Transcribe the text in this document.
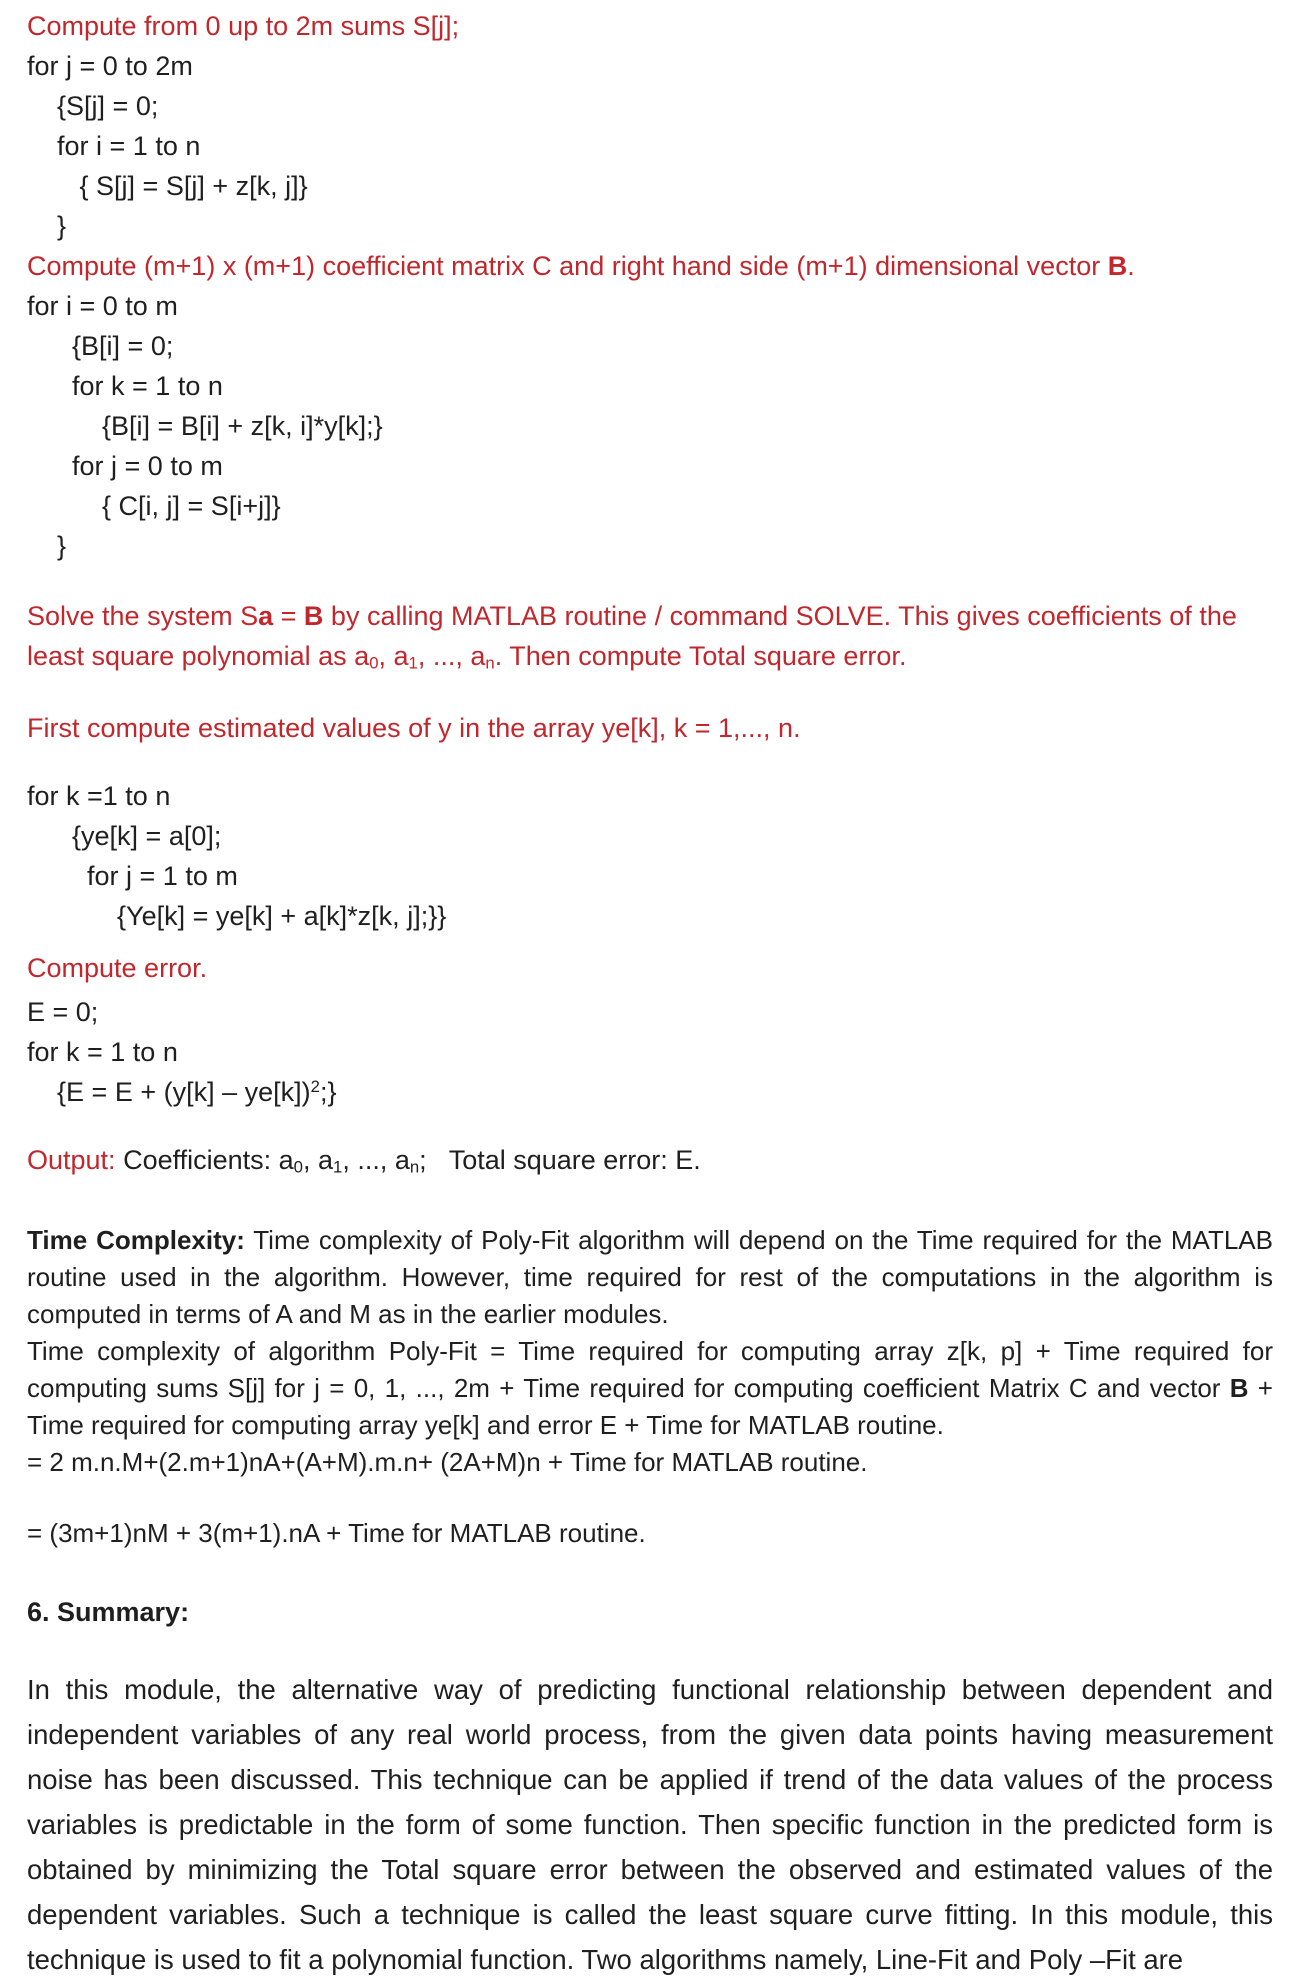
Compute from 0 up to 2m sums S[j];

for j = 0 to 2m

{S[j] = 0;

for i = 1 to n

{ S[j] = S[j] + z[k, j]}

}

Compute (m+1) x (m+1) coefficient matrix C and right hand side (m+1) dimensional vector B.

for i = 0 to m

{B[i] = 0;

for k = 1 to n

{B[i] = B[i] + z[k, i]*y[k];}

for j = 0 to m

{ C[i, j] = S[i+j]}

}

Solve the system Sa = B by calling MATLAB routine / command SOLVE. This gives coefficients of the least square polynomial as $a_0$, $a_1$, ..., $a_n$. Then compute Total square error.

First compute estimated values of y in the array ye[k], k = 1,..., n.

for k =1 to n

{ye[k] = a[0];

for j = 1 to m

{Ye[k] = ye[k] + a[k]*z[k, j];}}

Compute error.

E = 0;

for k = 1 to n

{E = E + (y[k] – ye[k])$^2$;}

Output: Coefficients: $a_0$, $a_1$, ..., $a_n$;   Total square error: E.

Time Complexity: Time complexity of Poly-Fit algorithm will depend on the Time required for the MATLAB routine used in the algorithm. However, time required for rest of the computations in the algorithm is computed in terms of A and M as in the earlier modules.

Time complexity of algorithm Poly-Fit = Time required for computing array z[k, p] + Time required for computing sums S[j] for j = 0, 1, ..., 2m + Time required for computing coefficient Matrix C and vector B + Time required for computing array ye[k] and error E + Time for MATLAB routine.

= 2 m.n.M+(2.m+1)nA+(A+M).m.n+ (2A+M)n + Time for MATLAB routine.

= (3m+1)nM + 3(m+1).nA + Time for MATLAB routine.

6. Summary:

In this module, the alternative way of predicting functional relationship between dependent and independent variables of any real world process, from the given data points having measurement noise has been discussed. This technique can be applied if trend of the data values of the process variables is predictable in the form of some function. Then specific function in the predicted form is obtained by minimizing the Total square error between the observed and estimated values of the dependent variables. Such a technique is called the least square curve fitting. In this module, this technique is used to fit a polynomial function. Two algorithms namely, Line-Fit and Poly –Fit are
